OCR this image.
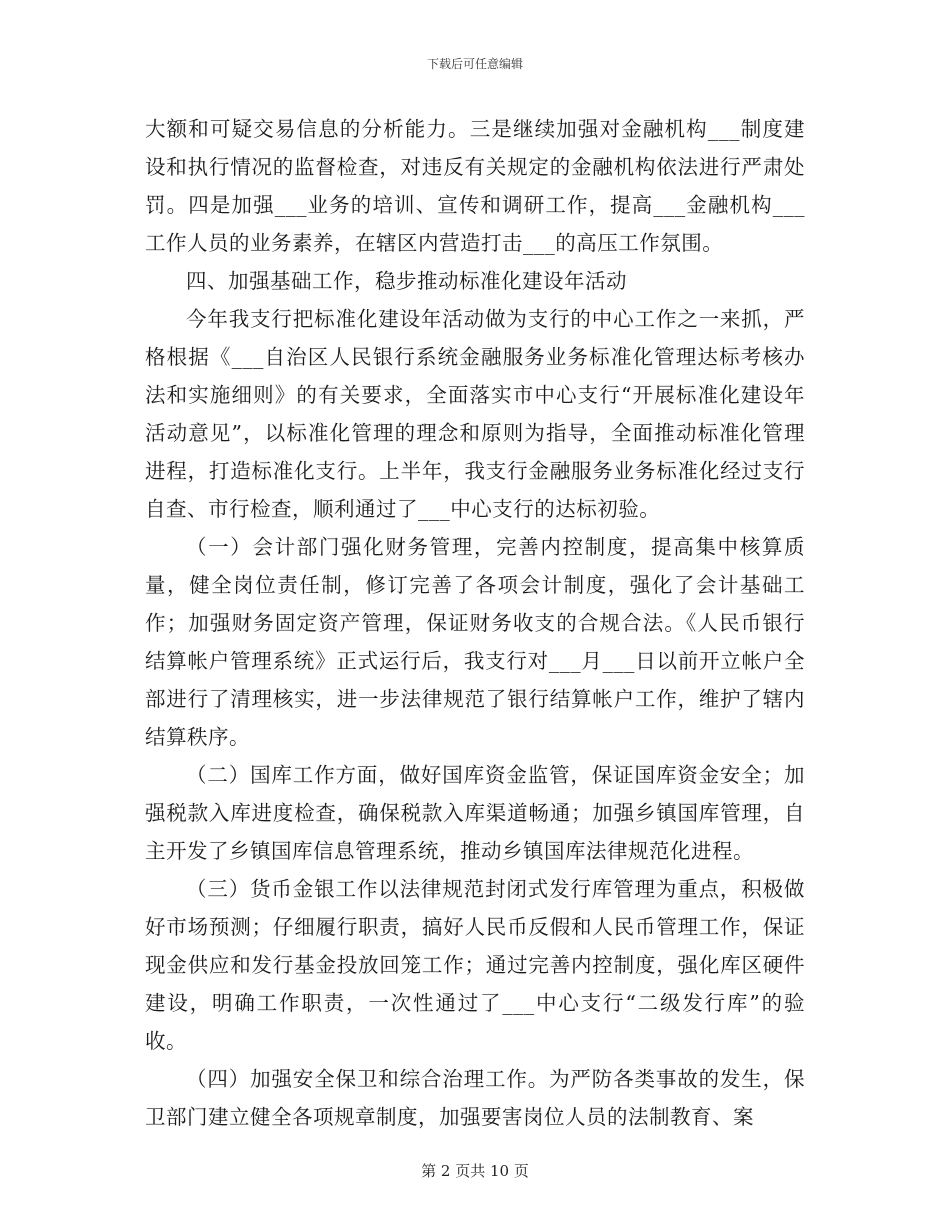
下载后可任意编辑

大额和可疑交易信息的分析能力。三是继续加强对金融机构___制度建设和执行情况的监督检查，对违反有关规定的金融机构依法进行严肃处罚。四是加强___业务的培训、宣传和调研工作，提高___金融机构___工作人员的业务素养，在辖区内营造打击___的高压工作氛围。

四、加强基础工作，稳步推动标准化建设年活动

今年我支行把标准化建设年活动做为支行的中心工作之一来抓，严格根据《___自治区人民银行系统金融服务业务标准化管理达标考核办法和实施细则》的有关要求，全面落实市中心支行“开展标准化建设年活动意见”，以标准化管理的理念和原则为指导，全面推动标准化管理进程，打造标准化支行。上半年，我支行金融服务业务标准化经过支行自查、市行检查，顺利通过了___中心支行的达标初验。

（一）会计部门强化财务管理，完善内控制度，提高集中核算质量，健全岗位责任制，修订完善了各项会计制度，强化了会计基础工作；加强财务固定资产管理，保证财务收支的合规合法。《人民币银行结算帐户管理系统》正式运行后，我支行对___月___日以前开立帐户全部进行了清理核实，进一步法律规范了银行结算帐户工作，维护了辖内结算秩序。

（二）国库工作方面，做好国库资金监管，保证国库资金安全；加强税款入库进度检查，确保税款入库渠道畅通；加强乡镇国库管理，自主开发了乡镇国库信息管理系统，推动乡镇国库法律规范化进程。

（三）货币金银工作以法律规范封闭式发行库管理为重点，积极做好市场预测；仔细履行职责，搞好人民币反假和人民币管理工作，保证现金供应和发行基金投放回笼工作；通过完善内控制度，强化库区硬件建设，明确工作职责，一次性通过了___中心支行“二级发行库”的验收。

（四）加强安全保卫和综合治理工作。为严防各类事故的发生，保卫部门建立健全各项规章制度，加强要害岗位人员的法制教育、案

第 2 页共 10 页
